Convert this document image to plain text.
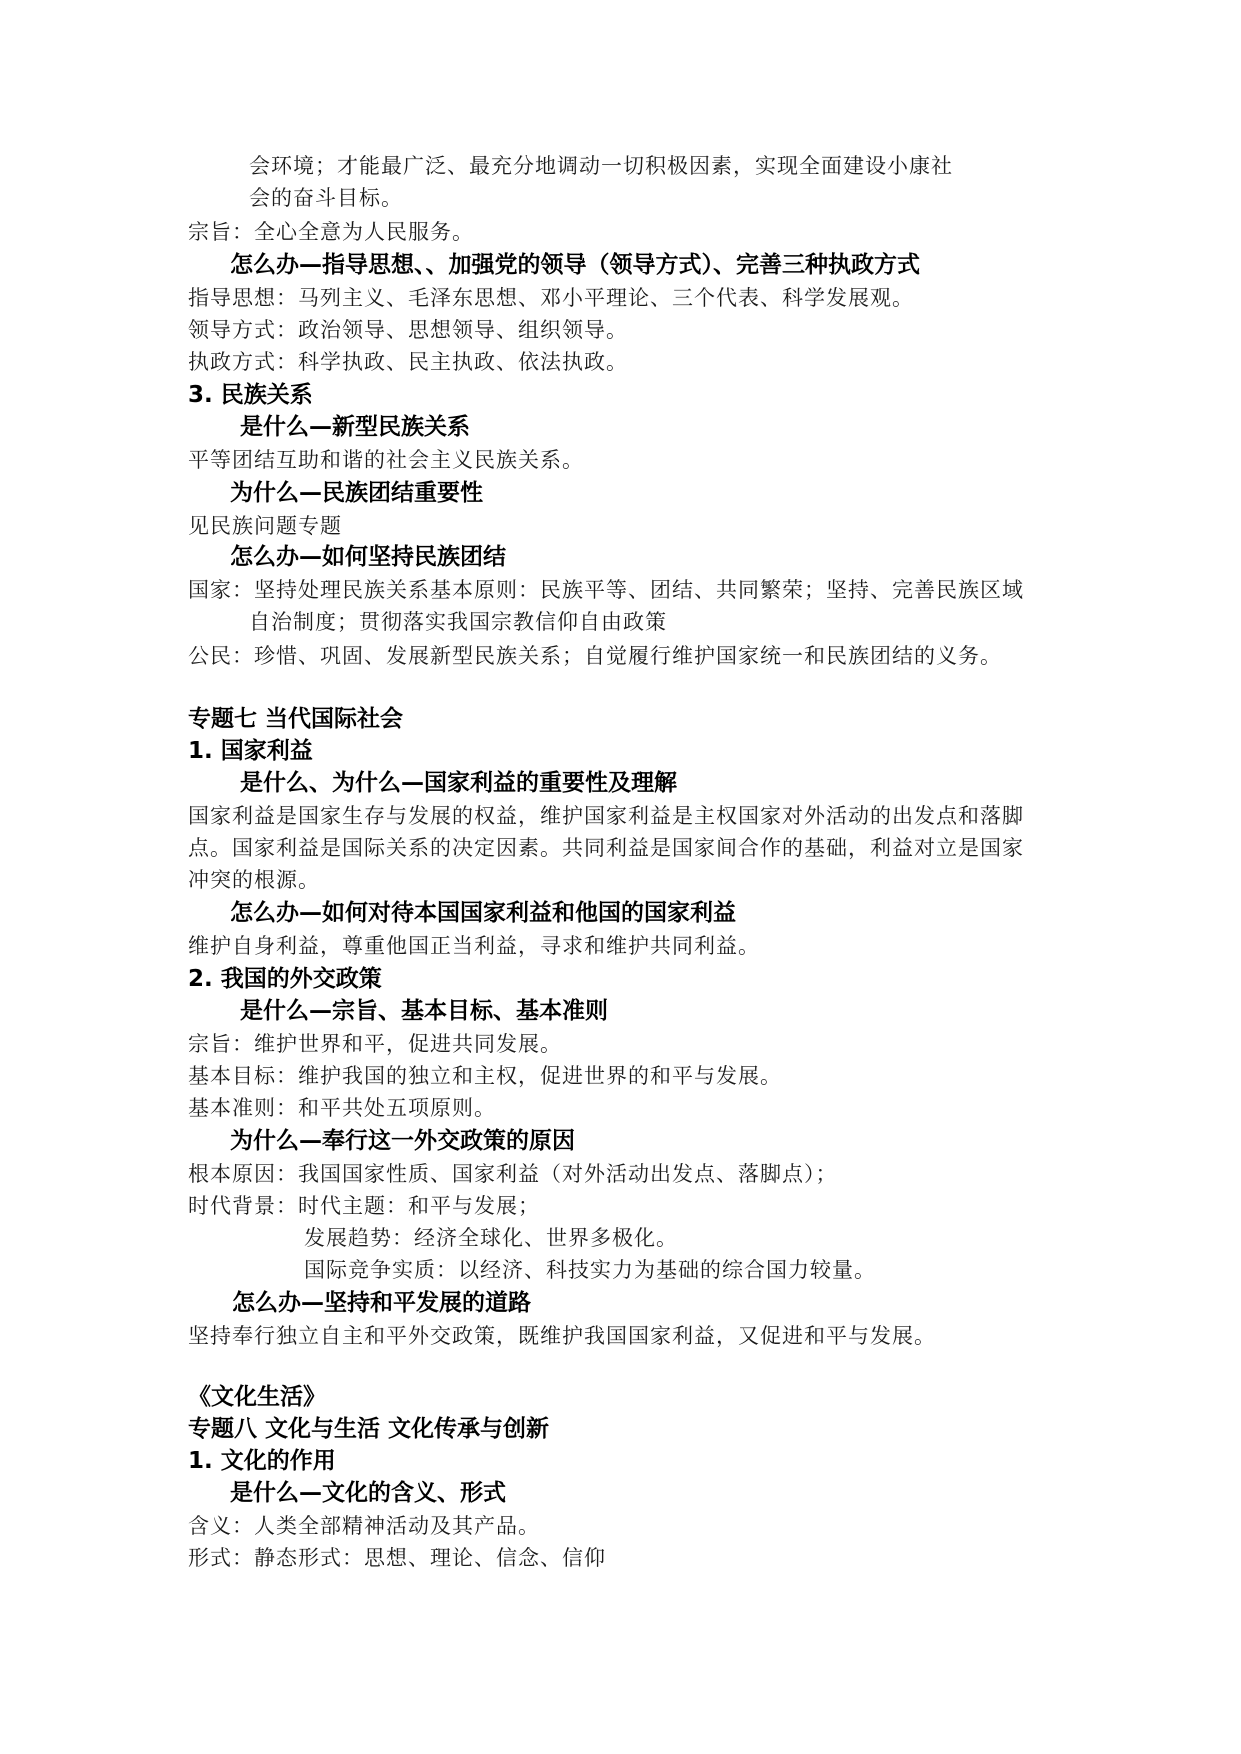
会环境；才能最广泛、最充分地调动一切积极因素，实现全面建设小康社
会的奋斗目标。
宗旨：全心全意为人民服务。
怎么办—指导思想、、加强党的领导（领导方式）、完善三种执政方式
指导思想：马列主义、毛泽东思想、邓小平理论、三个代表、科学发展观。
领导方式：政治领导、思想领导、组织领导。
执政方式：科学执政、民主执政、依法执政。
3. 民族关系
是什么—新型民族关系
平等团结互助和谐的社会主义民族关系。
为什么—民族团结重要性
见民族问题专题
怎么办—如何坚持民族团结
国家：坚持处理民族关系基本原则：民族平等、团结、共同繁荣；坚持、完善民族区域
自治制度；贯彻落实我国宗教信仰自由政策
公民：珍惜、巩固、发展新型民族关系；自觉履行维护国家统一和民族团结的义务。
专题七 当代国际社会
1. 国家利益
是什么、为什么—国家利益的重要性及理解
国家利益是国家生存与发展的权益，维护国家利益是主权国家对外活动的出发点和落脚
点。国家利益是国际关系的决定因素。共同利益是国家间合作的基础，利益对立是国家
冲突的根源。
怎么办—如何对待本国国家利益和他国的国家利益
维护自身利益，尊重他国正当利益，寻求和维护共同利益。
2. 我国的外交政策
是什么—宗旨、基本目标、基本准则
宗旨：维护世界和平，促进共同发展。
基本目标：维护我国的独立和主权，促进世界的和平与发展。
基本准则：和平共处五项原则。
为什么—奉行这一外交政策的原因
根本原因：我国国家性质、国家利益（对外活动出发点、落脚点）；
时代背景：时代主题：和平与发展；
发展趋势：经济全球化、世界多极化。
国际竞争实质：以经济、科技实力为基础的综合国力较量。
怎么办—坚持和平发展的道路
坚持奉行独立自主和平外交政策，既维护我国国家利益，又促进和平与发展。
《文化生活》
专题八 文化与生活 文化传承与创新
1. 文化的作用
是什么—文化的含义、形式
含义：人类全部精神活动及其产品。
形式：静态形式：思想、理论、信念、信仰
